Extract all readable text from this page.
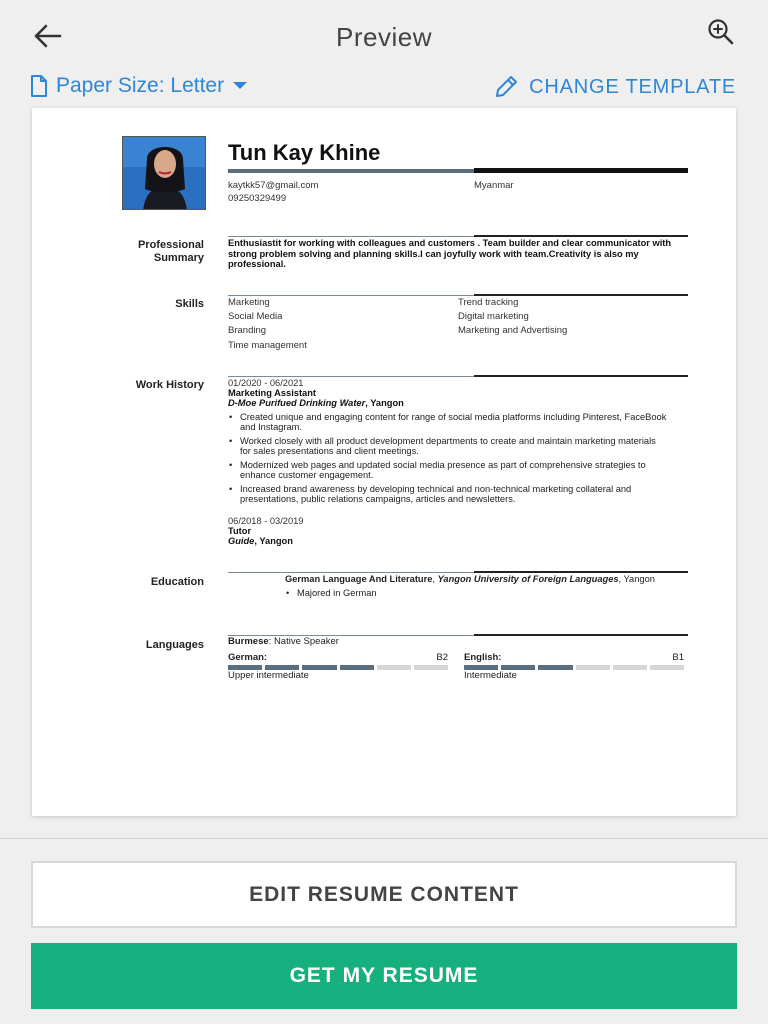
Preview
Paper Size: Letter	CHANGE TEMPLATE
Tun Kay Khine
kaytkk57@gmail.com	Myanmar
09250329499
Professional Summary
Enthusiastit for working with colleagues and customers . Team builder and clear communicator with strong problem solving and planning skills.I can joyfully work with team.Creativity is also my professional.
Skills	Marketing	Trend tracking
Social Media	Digital marketing
Branding	Marketing and Advertising
Time management
Work History	01/2020 - 06/2021
Marketing Assistant
D-Moe Purifued Drinking Water, Yangon
• Created unique and engaging content for range of social media platforms including Pinterest, FaceBook and Instagram.
• Worked closely with all product development departments to create and maintain marketing materials for sales presentations and client meetings.
• Modernized web pages and updated social media presence as part of comprehensive strategies to enhance customer engagement.
• Increased brand awareness by developing technical and non-technical marketing collateral and presentations, public relations campaigns, articles and newsletters.
06/2018 - 03/2019
Tutor
Guide, Yangon
Education	German Language And Literature, Yangon University of Foreign Languages, Yangon
• Majored in German
Languages	Burmese: Native Speaker
German:	B2
Upper intermediate
English:	B1
Intermediate
EDIT RESUME CONTENT
GET MY RESUME
